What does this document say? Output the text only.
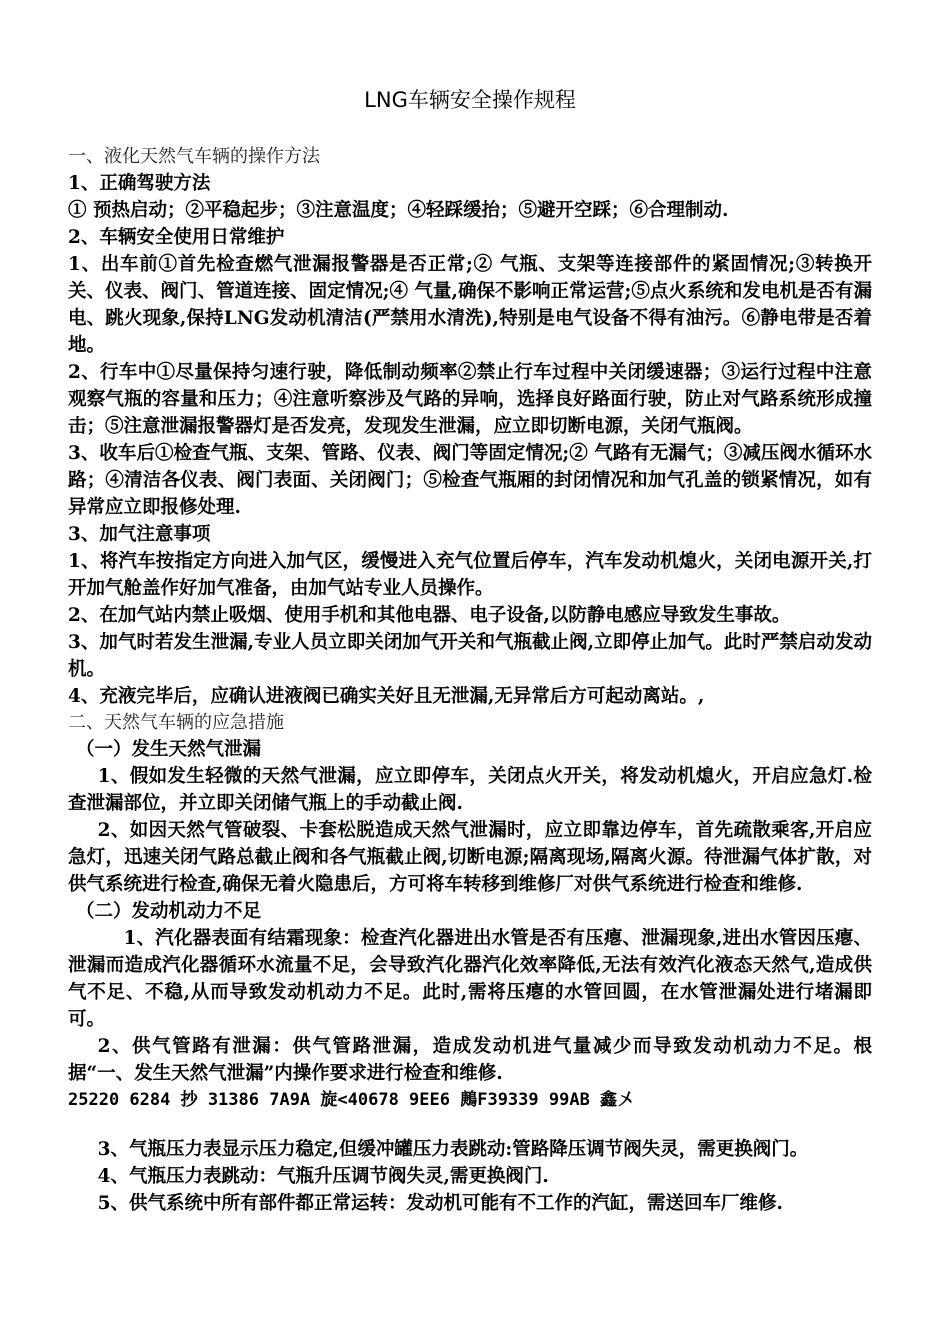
LNG车辆安全操作规程
一、液化天然气车辆的操作方法
1、正确驾驶方法

① 预热启动；②平稳起步；③注意温度；④轻踩缓抬；⑤避开空踩；⑥合理制动.

2、车辆安全使用日常维护

1、出车前①首先检查燃气泄漏报警器是否正常;② 气瓶、支架等连接部件的紧固情况;③转换开关、仪表、阀门、管道连接、固定情况;④ 气量,确保不影响正常运营;⑤点火系统和发电机是否有漏电、跳火现象,保持LNG发动机清洁(严禁用水清洗),特别是电气设备不得有油污。⑥静电带是否着地。

2、行车中①尽量保持匀速行驶，降低制动频率②禁止行车过程中关闭缓速器；③运行过程中注意观察气瓶的容量和压力；④注意听察涉及气路的异响，选择良好路面行驶，防止对气路系统形成撞击；⑤注意泄漏报警器灯是否发亮，发现发生泄漏，应立即切断电源，关闭气瓶阀。

3、收车后①检查气瓶、支架、管路、仪表、阀门等固定情况;② 气路有无漏气；③减压阀水循环水路；④清洁各仪表、阀门表面、关闭阀门；⑤检查气瓶厢的封闭情况和加气孔盖的锁紧情况，如有异常应立即报修处理.

3、加气注意事项

1、将汽车按指定方向进入加气区，缓慢进入充气位置后停车，汽车发动机熄火，关闭电源开关,打开加气舱盖作好加气准备，由加气站专业人员操作。

2、在加气站内禁止吸烟、使用手机和其他电器、电子设备,以防静电感应导致发生事故。

3、加气时若发生泄漏,专业人员立即关闭加气开关和气瓶截止阀,立即停止加气。此时严禁启动发动机。

4、充液完毕后，应确认进液阀已确实关好且无泄漏,无异常后方可起动离站。,

二、天然气车辆的应急措施
（一）发生天然气泄漏

1、假如发生轻微的天然气泄漏，应立即停车，关闭点火开关，将发动机熄火，开启应急灯.检查泄漏部位，并立即关闭储气瓶上的手动截止阀.

2、如因天然气管破裂、卡套松脱造成天然气泄漏时，应立即靠边停车，首先疏散乘客,开启应急灯，迅速关闭气路总截止阀和各气瓶截止阀,切断电源;隔离现场,隔离火源。待泄漏气体扩散，对供气系统进行检查,确保无着火隐患后，方可将车转移到维修厂对供气系统进行检查和维修.

（二）发动机动力不足

1、汽化器表面有结霜现象：检查汽化器进出水管是否有压瘪、泄漏现象,进出水管因压瘪、泄漏而造成汽化器循环水流量不足，会导致汽化器汽化效率降低,无法有效汽化液态天然气,造成供气不足、不稳,从而导致发动机动力不足。此时,需将压瘪的水管回圆，在水管泄漏处进行堵漏即可。

2、供气管路有泄漏：供气管路泄漏，造成发动机进气量减少而导致发动机动力不足。根据“一、发生天然气泄漏”内操作要求进行检查和维修.

25220 6284 抄 31386 7A9A 旋<40678 9EE6 鶊F39339 99AB 鑫〤

3、气瓶压力表显示压力稳定,但缓冲罐压力表跳动:管路降压调节阀失灵，需更换阀门。

4、气瓶压力表跳动：气瓶升压调节阀失灵,需更换阀门.

5、供气系统中所有部件都正常运转：发动机可能有不工作的汽缸，需送回车厂维修.
